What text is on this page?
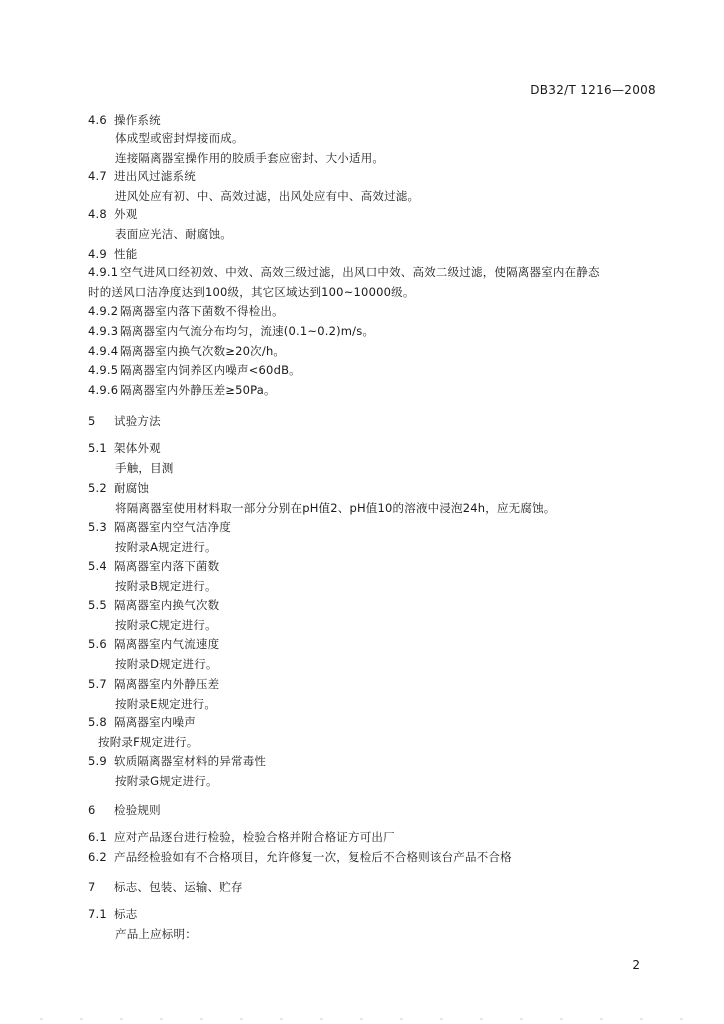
DB32/T 1216—2008
4.6 操作系统
体成型或密封焊接而成。
连接隔离器室操作用的胶质手套应密封、大小适用。
4.7 进出风过滤系统
进风处应有初、中、高效过滤，出风处应有中、高效过滤。
4.8 外观
表面应光洁、耐腐蚀。
4.9 性能
4.9.1 空气进风口经初效、中效、高效三级过滤，出风口中效、高效二级过滤，使隔离器室内在静态
时的送风口洁净度达到100级，其它区域达到100~10000级。
4.9.2 隔离器室内落下菌数不得检出。
4.9.3 隔离器室内气流分布均匀，流速(0.1~0.2)m/s。
4.9.4 隔离器室内换气次数≥20次/h。
4.9.5 隔离器室内饲养区内噪声<60dB。
4.9.6 隔离器室内外静压差≥50Pa。
5 试验方法
5.1 架体外观
手触，目测
5.2 耐腐蚀
将隔离器室使用材料取一部分分别在pH值2、pH值10的溶液中浸泡24h，应无腐蚀。
5.3 隔离器室内空气洁净度
按附录A规定进行。
5.4 隔离器室内落下菌数
按附录B规定进行。
5.5 隔离器室内换气次数
按附录C规定进行。
5.6 隔离器室内气流速度
按附录D规定进行。
5.7 隔离器室内外静压差
按附录E规定进行。
5.8 隔离器室内噪声
按附录F规定进行。
5.9 软质隔离器室材料的异常毒性
按附录G规定进行。
6 检验规则
6.1 应对产品逐台进行检验，检验合格并附合格证方可出厂
6.2 产品经检验如有不合格项目，允许修复一次，复检后不合格则该台产品不合格
7 标志、包装、运输、贮存
7.1 标志
产品上应标明：
2
